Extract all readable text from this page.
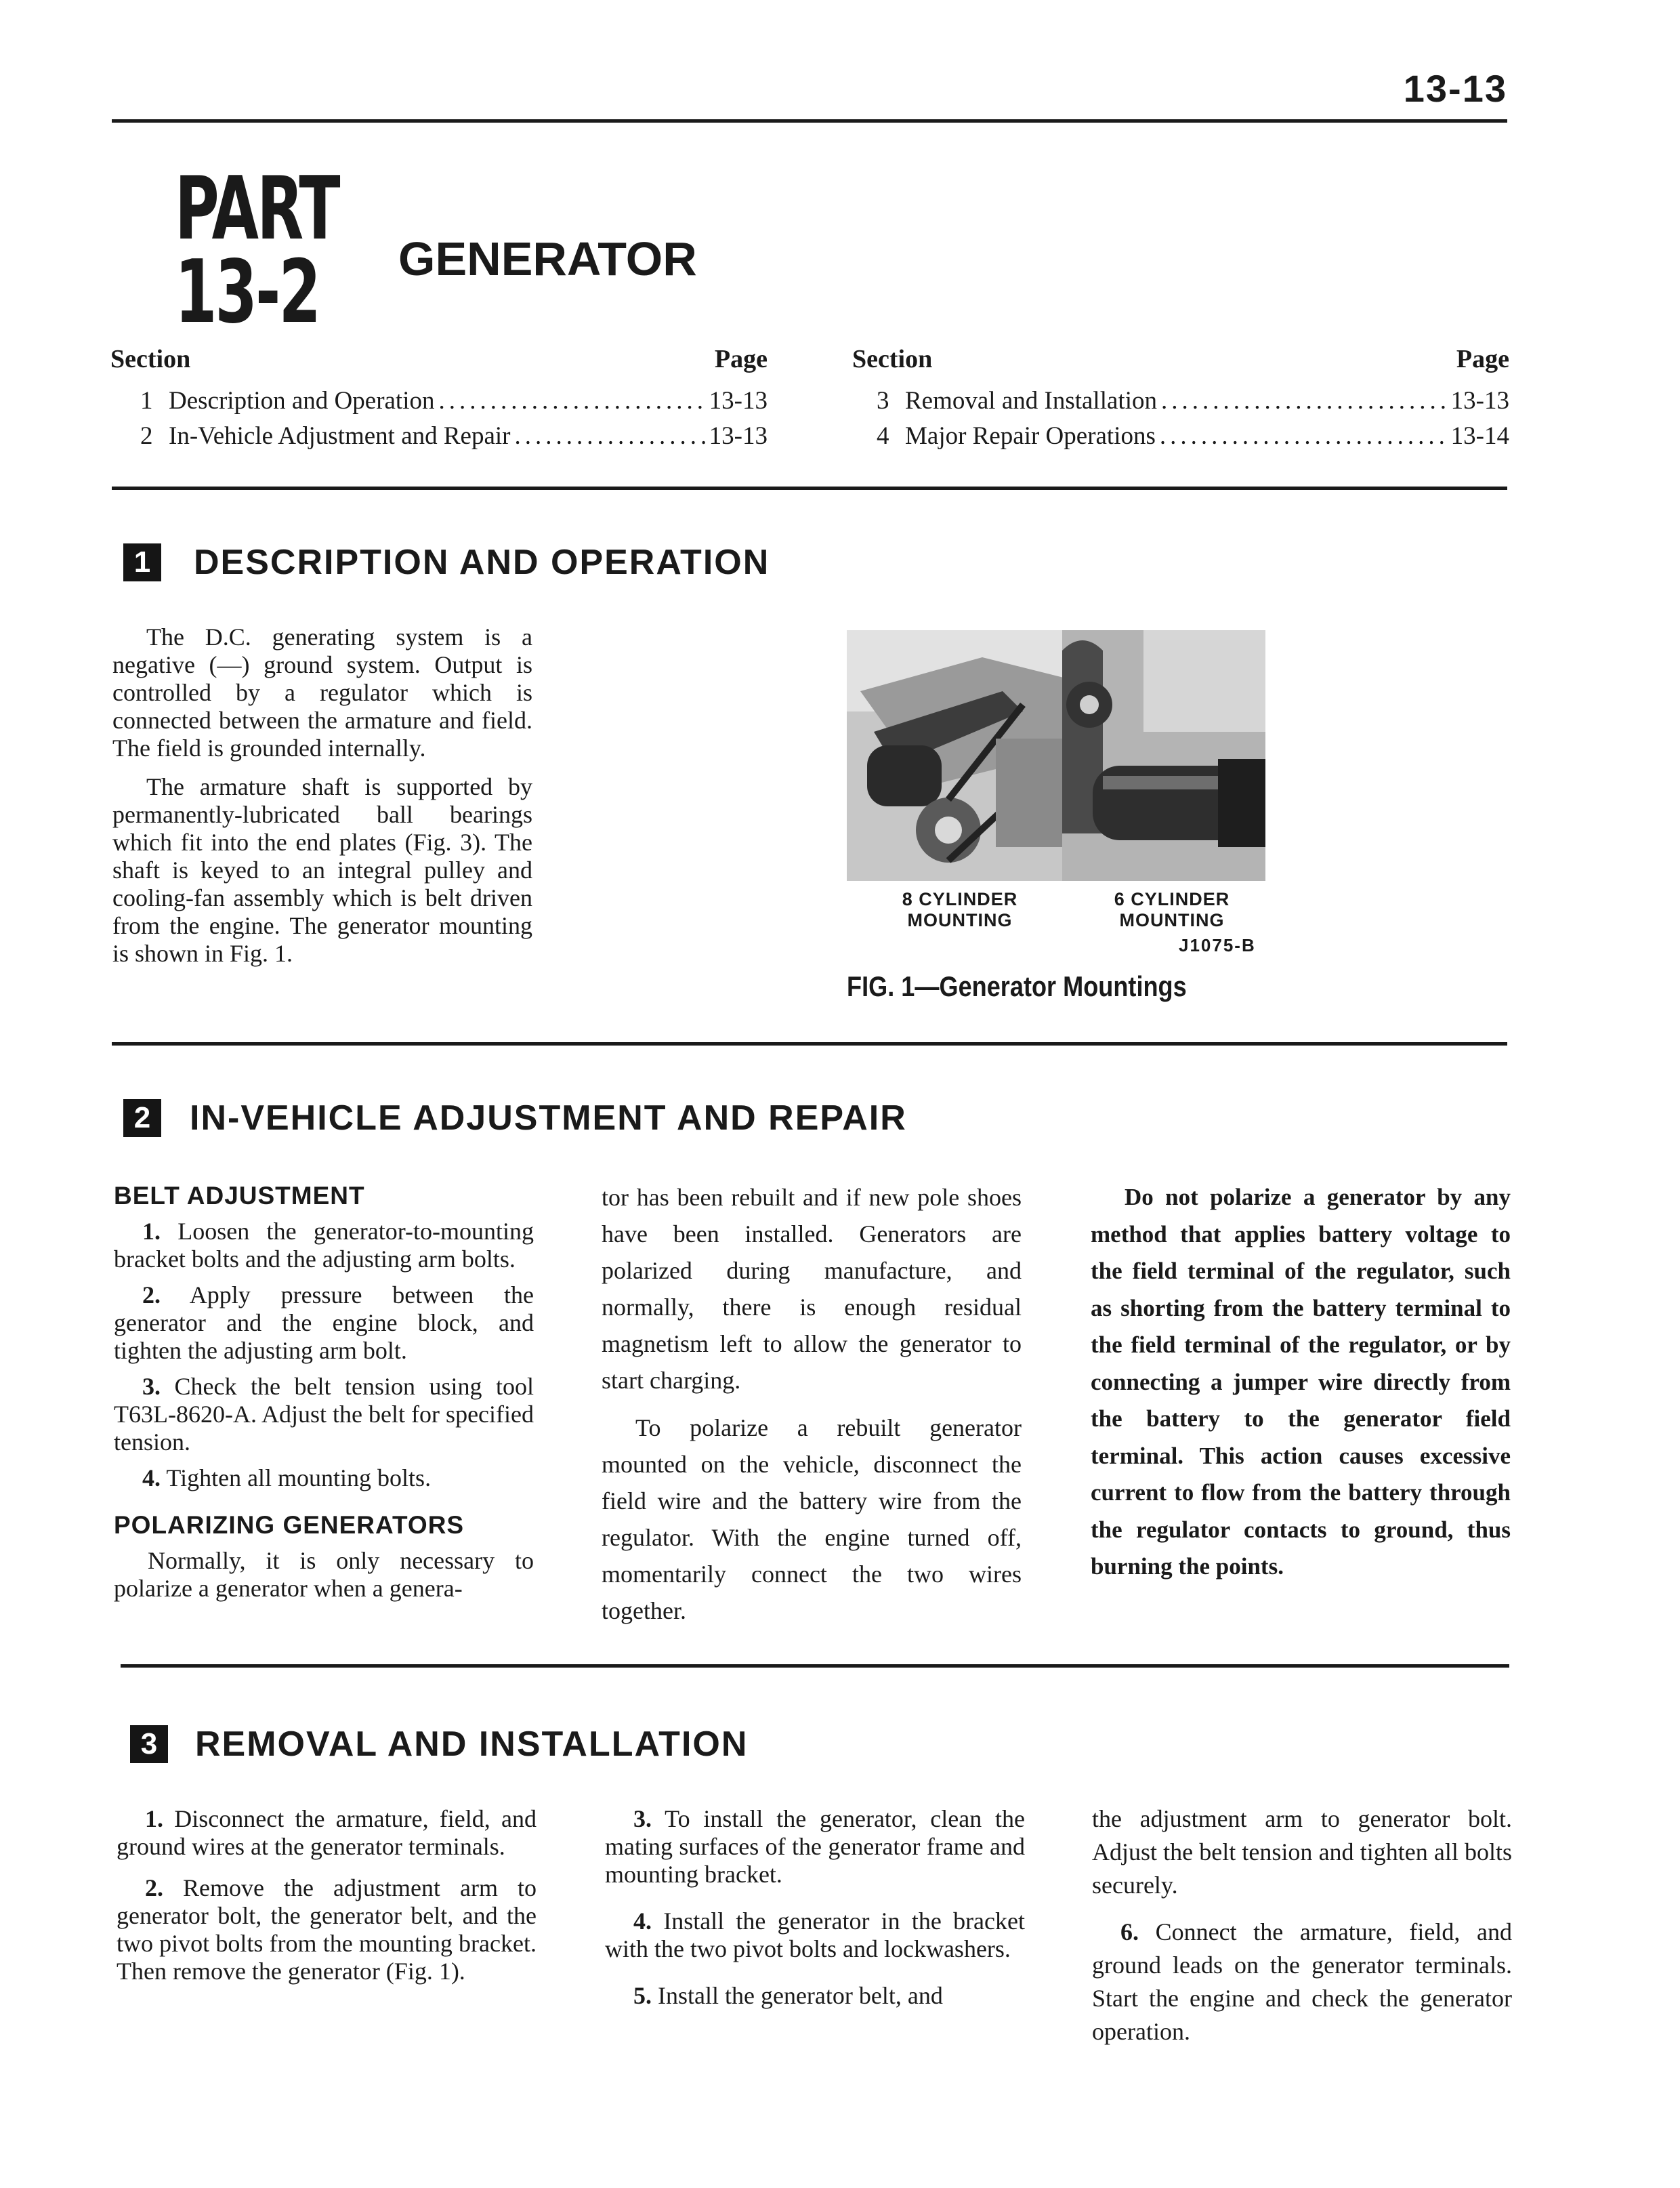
13-13
PART
13-2	GENERATOR
Section	Page
1 Description and Operation .....	13-13
2 In-Vehicle Adjustment and Repair .....	13-13
Section	Page
3 Removal and Installation .....	13-13
4 Major Repair Operations .....	13-14
1	DESCRIPTION AND OPERATION

The D.C. generating system is a negative (—) ground system. Output is controlled by a regulator which is connected between the armature and field. The field is grounded internally.

The armature shaft is supported by permanently-lubricated ball bearings which fit into the end plates (Fig. 3). The shaft is keyed to an integral pulley and cooling-fan assembly which is belt driven from the engine. The generator mounting is shown in Fig. 1.

8 CYLINDER MOUNTING
6 CYLINDER MOUNTING
J1075-B
FIG. 1—Generator Mountings
2	IN-VEHICLE ADJUSTMENT AND REPAIR
BELT ADJUSTMENT

1. Loosen the generator-to-mounting bracket bolts and the adjusting arm bolts.

2. Apply pressure between the generator and the engine block, and tighten the adjusting arm bolt.

3. Check the belt tension using tool T63L-8620-A. Adjust the belt for specified tension.

4. Tighten all mounting bolts.

POLARIZING GENERATORS

Normally, it is only necessary to polarize a generator when a genera-

tor has been rebuilt and if new pole shoes have been installed. Generators are polarized during manufacture, and normally, there is enough residual magnetism left to allow the generator to start charging.

To polarize a rebuilt generator mounted on the vehicle, disconnect the field wire and the battery wire from the regulator. With the engine turned off, momentarily connect the two wires together.

Do not polarize a generator by any method that applies battery voltage to the field terminal of the regulator, such as shorting from the battery terminal to the field terminal of the regulator, or by connecting a jumper wire directly from the battery to the generator field terminal. This action causes excessive current to flow from the battery through the regulator contacts to ground, thus burning the points.

3	REMOVAL AND INSTALLATION

1. Disconnect the armature, field, and ground wires at the generator terminals.

2. Remove the adjustment arm to generator bolt, the generator belt, and the two pivot bolts from the mounting bracket. Then remove the generator (Fig. 1).

3. To install the generator, clean the mating surfaces of the generator frame and mounting bracket.

4. Install the generator in the bracket with the two pivot bolts and lockwashers.

5. Install the generator belt, and

the adjustment arm to generator bolt. Adjust the belt tension and tighten all bolts securely.

6. Connect the armature, field, and ground leads on the generator terminals. Start the engine and check the generator operation.
